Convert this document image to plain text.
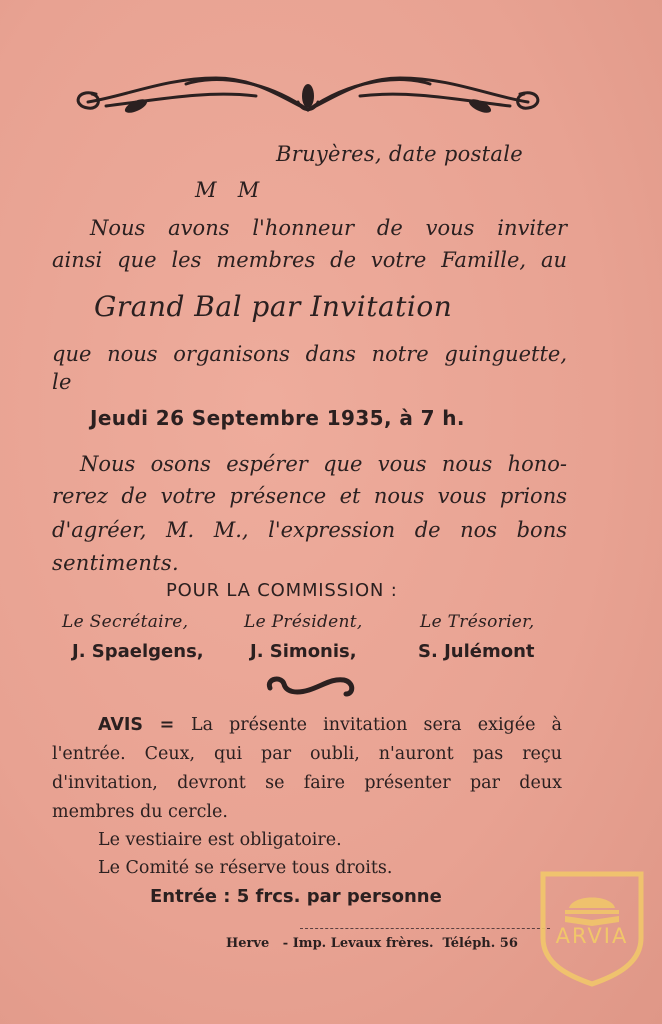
Bruyères, date postale
M   M
Nous avons l'honneur de vous inviter
ainsi que les membres de votre Famille, au
Grand Bal par Invitation
que nous organisons dans notre guinguette,
le
Jeudi 26 Septembre 1935, à 7 h.
Nous osons espérer que vous nous hono-
rerez de votre présence et nous vous prions
d'agréer, M. M., l'expression de nos bons
sentiments.
POUR LA COMMISSION :
Le Secrétaire,	Le Président,	Le Trésorier,
J. Spaelgens,	J. Simonis,	S. Julémont
AVIS = La présente invitation sera exigée à
l'entrée. Ceux, qui par oubli, n'auront pas reçu
d'invitation, devront se faire présenter par deux
membres du cercle.
Le vestiaire est obligatoire.
Le Comité se réserve tous droits.
Entrée : 5 frcs. par personne
Herve   - Imp. Levaux frères.  Téléph. 56	ARVIA
